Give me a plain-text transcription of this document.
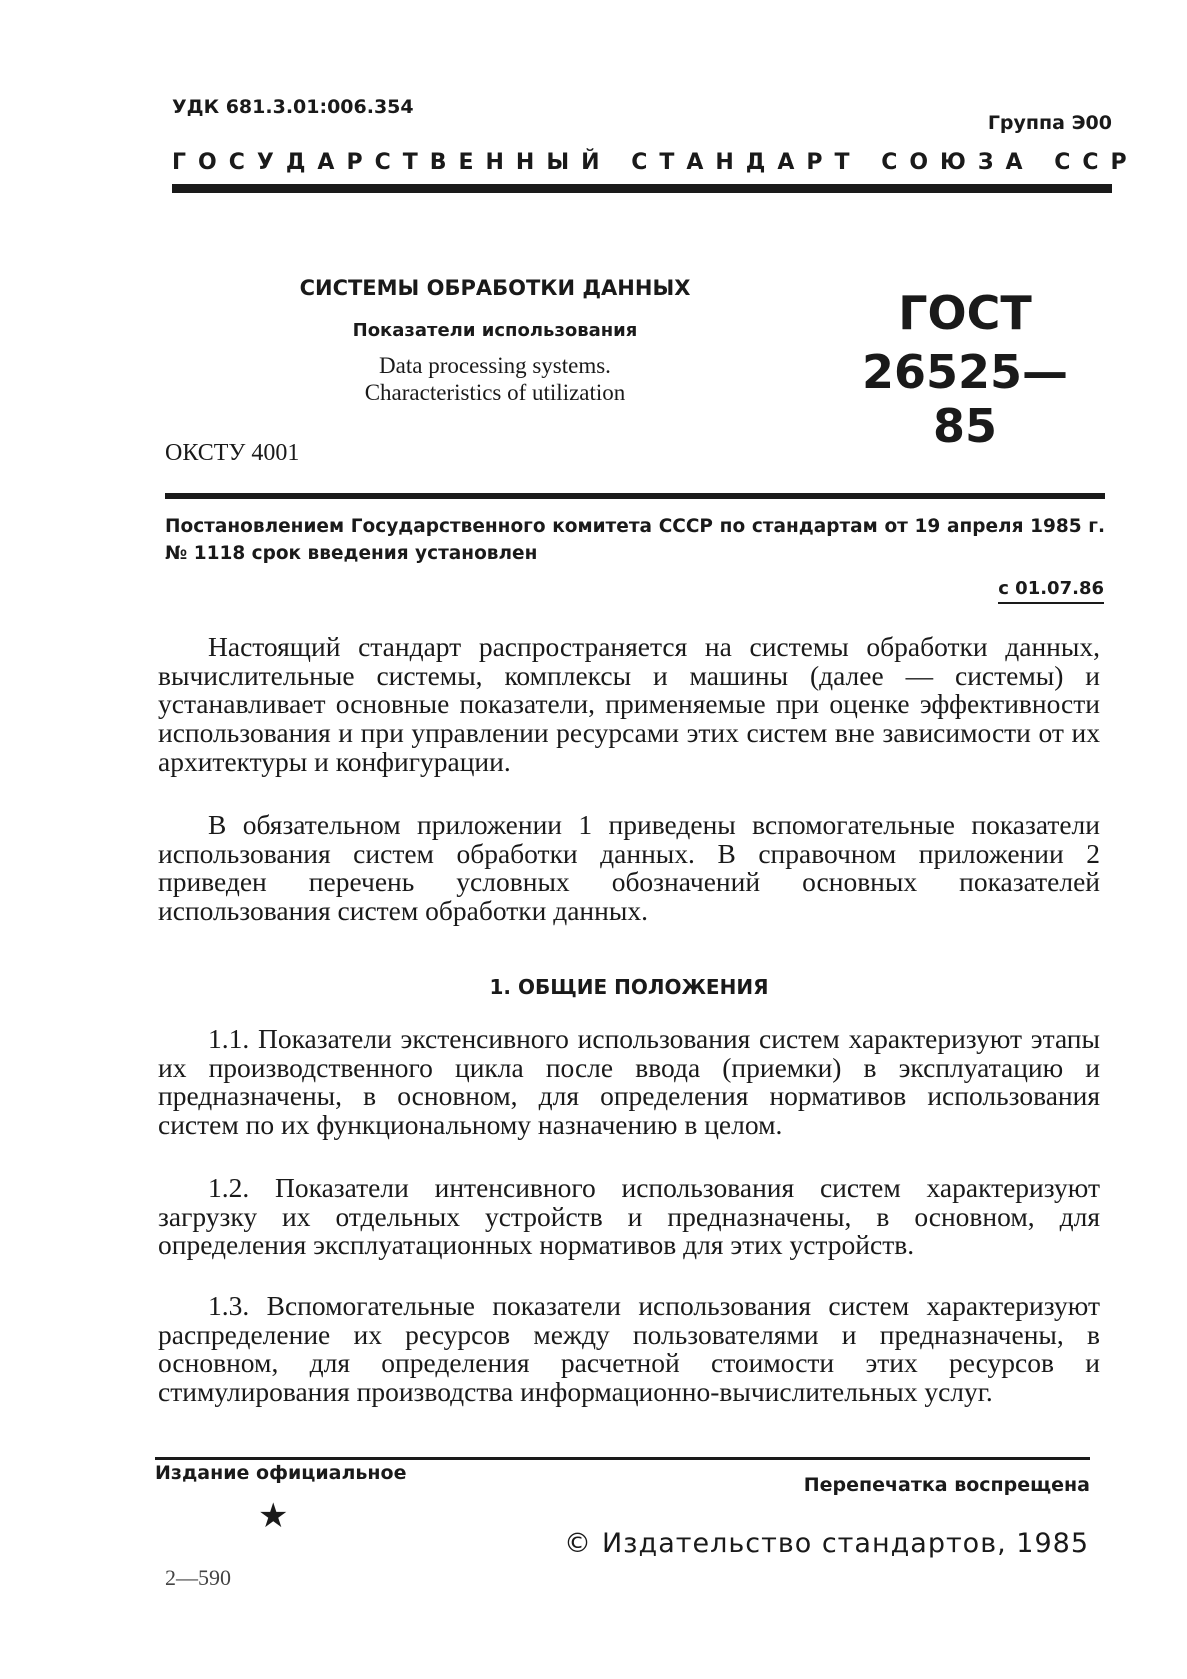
УДК 681.3.01:006.354
Группа Э00
ГОСУДАРСТВЕННЫЙ СТАНДАРТ СОЮЗА ССР
СИСТЕМЫ ОБРАБОТКИ ДАННЫХ
Показатели использования
Data processing systems.
Characteristics of utilization
ГОСТ
26525—85
ОКСТУ 4001
Постановлением Государственного комитета СССР по стандартам от 19 апреля 1985 г. № 1118 срок введения установлен
с 01.07.86

Настоящий стандарт распространяется на системы обработки данных, вычислительные системы, комплексы и машины (далее — системы) и устанавливает основные показатели, применяемые при оценке эффективности использования и при управлении ресурсами этих систем вне зависимости от их архитектуры и конфигурации.

В обязательном приложении 1 приведены вспомогательные показатели использования систем обработки данных. В справочном приложении 2 приведен перечень условных обозначений основных показателей использования систем обработки данных.

1. ОБЩИЕ ПОЛОЖЕНИЯ

1.1. Показатели экстенсивного использования систем характеризуют этапы их производственного цикла после ввода (приемки) в эксплуатацию и предназначены, в основном, для определения нормативов использования систем по их функциональному назначению в целом.

1.2. Показатели интенсивного использования систем характеризуют загрузку их отдельных устройств и предназначены, в основном, для определения эксплуатационных нормативов для этих устройств.

1.3. Вспомогательные показатели использования систем характеризуют распределение их ресурсов между пользователями и предназначены, в основном, для определения расчетной стоимости этих ресурсов и стимулирования производства информационно-вычислительных услуг.

Издание официальное
Перепечатка воспрещена
★
© Издательство стандартов, 1985
2—590
